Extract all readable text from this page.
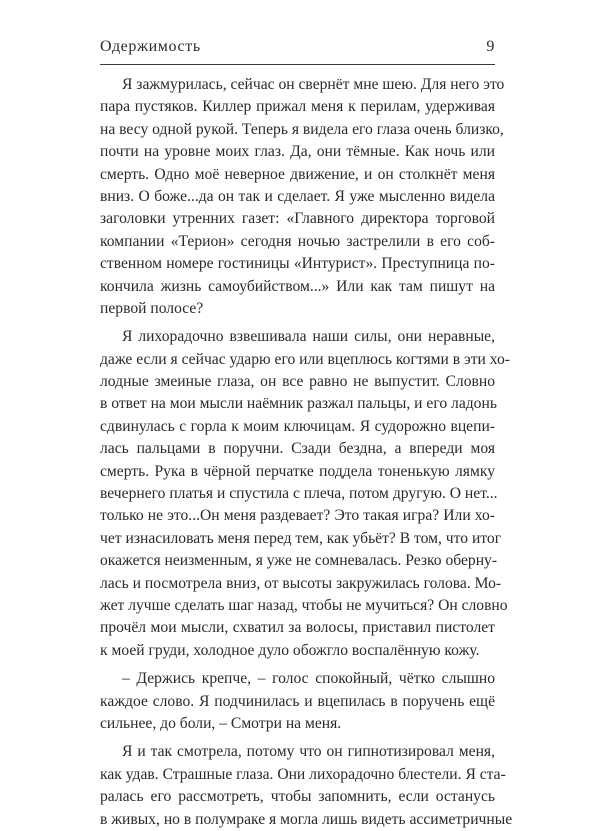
Одержимость	9
Я зажмурилась, сейчас он свернёт мне шею. Для него это
пара пустяков. Киллер прижал меня к перилам, удерживая
на весу одной рукой. Теперь я видела его глаза очень близко,
почти на уровне моих глаз. Да, они тёмные. Как ночь или
смерть. Одно моё неверное движение, и он столкнёт меня
вниз. О боже...да он так и сделает. Я уже мысленно видела
заголовки утренних газет: «Главного директора торговой
компании «Терион» сегодня ночью застрелили в его соб-
ственном номере гостиницы «Интурист». Преступница по-
кончила жизнь самоубийством...» Или как там пишут на
первой полосе?
Я лихорадочно взвешивала наши силы, они неравные,
даже если я сейчас ударю его или вцеплюсь когтями в эти хо-
лодные змеиные глаза, он все равно не выпустит. Словно
в ответ на мои мысли наёмник разжал пальцы, и его ладонь
сдвинулась с горла к моим ключицам. Я судорожно вцепи-
лась пальцами в поручни. Сзади бездна, а впереди моя
смерть. Рука в чёрной перчатке поддела тоненькую лямку
вечернего платья и спустила с плеча, потом другую. О нет...
только не это...Он меня раздевает? Это такая игра? Или хо-
чет изнасиловать меня перед тем, как убьёт? В том, что итог
окажется неизменным, я уже не сомневалась. Резко оберну-
лась и посмотрела вниз, от высоты закружилась голова. Мо-
жет лучше сделать шаг назад, чтобы не мучиться? Он словно
прочёл мои мысли, схватил за волосы, приставил пистолет
к моей груди, холодное дуло обожгло воспалённую кожу.
– Держись крепче, – голос спокойный, чётко слышно
каждое слово. Я подчинилась и вцепилась в поручень ещё
сильнее, до боли, – Смотри на меня.
Я и так смотрела, потому что он гипнотизировал меня,
как удав. Страшные глаза. Они лихорадочно блестели. Я ста-
ралась его рассмотреть, чтобы запомнить, если останусь
в живых, но в полумраке я могла лишь видеть ассиметричные
